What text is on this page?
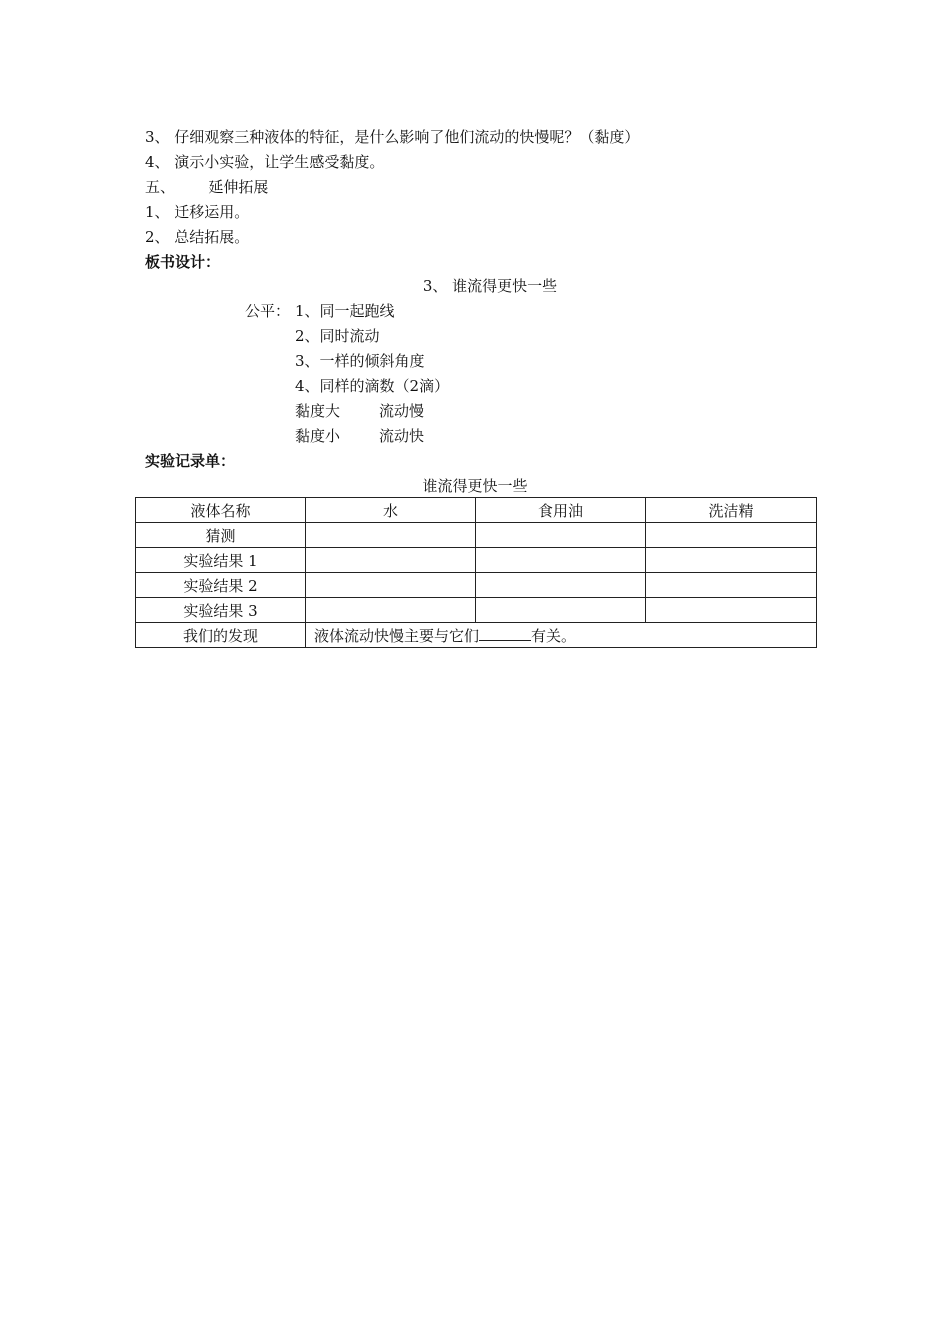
3、 仔细观察三种液体的特征，是什么影响了他们流动的快慢呢？（黏度）
4、 演示小实验，让学生感受黏度。
五、       延伸拓展
1、 迁移运用。
2、 总结拓展。
板书设计：
3、 谁流得更快一些
公平： 1、同一起跑线
2、同时流动
3、一样的倾斜角度
4、同样的滴数（2滴）
黏度大	流动慢
黏度小	流动快
实验记录单：
谁流得更快一些
液体名称	水	食用油	洗洁精
猜测			
实验结果 1			
实验结果 2			
实验结果 3			
我们的发现	液体流动快慢主要与它们 有关。		
